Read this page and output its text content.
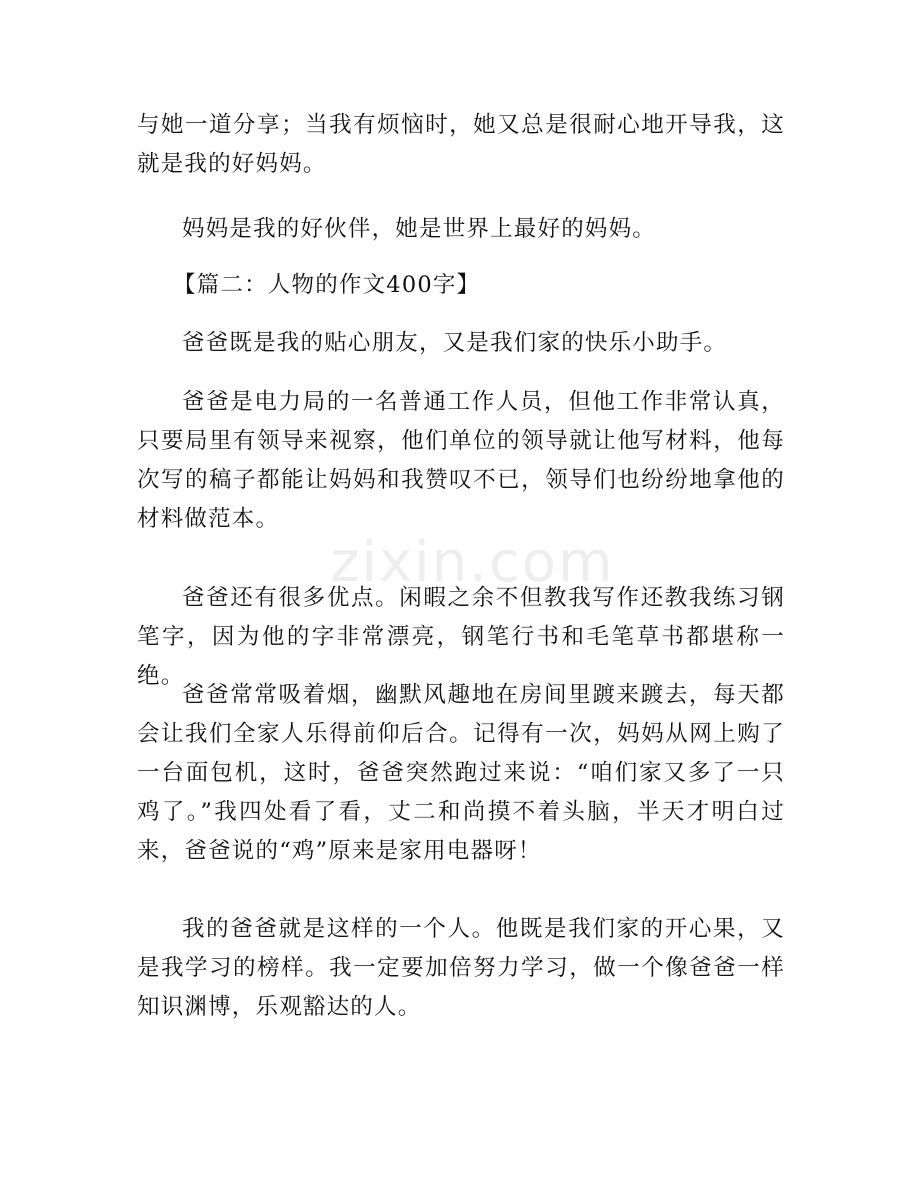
zixin.com

与她一道分享；当我有烦恼时，她又总是很耐心地开导我，这就是我的好妈妈。

妈妈是我的好伙伴，她是世界上最好的妈妈。

【篇二：人物的作文400字】

爸爸既是我的贴心朋友，又是我们家的快乐小助手。

爸爸是电力局的一名普通工作人员，但他工作非常认真，只要局里有领导来视察，他们单位的领导就让他写材料，他每次写的稿子都能让妈妈和我赞叹不已，领导们也纷纷地拿他的材料做范本。

爸爸还有很多优点。闲暇之余不但教我写作还教我练习钢笔字，因为他的字非常漂亮，钢笔行书和毛笔草书都堪称一绝。

爸爸常常吸着烟，幽默风趣地在房间里踱来踱去，每天都会让我们全家人乐得前仰后合。记得有一次，妈妈从网上购了一台面包机，这时，爸爸突然跑过来说：“咱们家又多了一只鸡了。”我四处看了看，丈二和尚摸不着头脑，半天才明白过来，爸爸说的“鸡”原来是家用电器呀！

我的爸爸就是这样的一个人。他既是我们家的开心果，又是我学习的榜样。我一定要加倍努力学习，做一个像爸爸一样知识渊博，乐观豁达的人。
